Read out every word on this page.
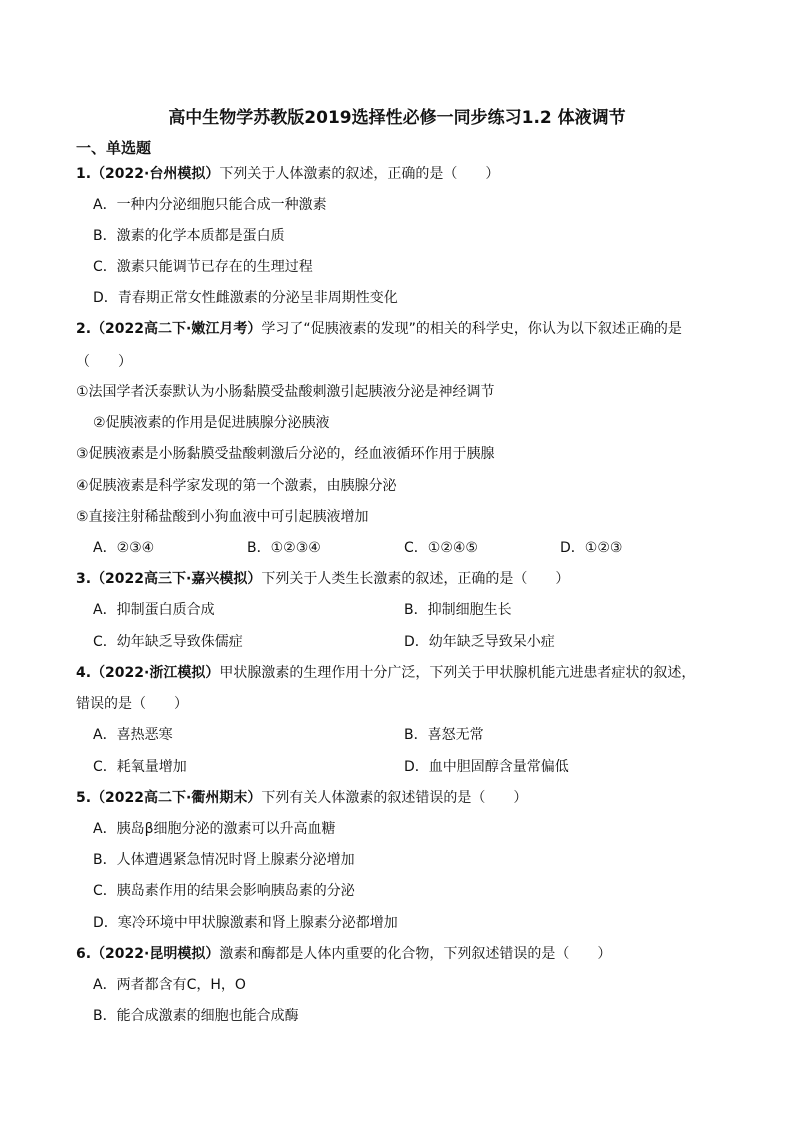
高中生物学苏教版2019选择性必修一同步练习1.2 体液调节
一、单选题
1.（2022·台州模拟）下列关于人体激素的叙述，正确的是（　　）
A．一种内分泌细胞只能合成一种激素
B．激素的化学本质都是蛋白质
C．激素只能调节已存在的生理过程
D．青春期正常女性雌激素的分泌呈非周期性变化
2.（2022高二下·嫩江月考）学习了“促胰液素的发现”的相关的科学史，你认为以下叙述正确的是
（　　）
①法国学者沃泰默认为小肠黏膜受盐酸刺激引起胰液分泌是神经调节
②促胰液素的作用是促进胰腺分泌胰液
③促胰液素是小肠黏膜受盐酸刺激后分泌的，经血液循环作用于胰腺
④促胰液素是科学家发现的第一个激素，由胰腺分泌
⑤直接注射稀盐酸到小狗血液中可引起胰液增加
A．②③④	B．①②③④	C．①②④⑤	D．①②③
3.（2022高三下·嘉兴模拟）下列关于人类生长激素的叙述，正确的是（　　）
A．抑制蛋白质合成	B．抑制细胞生长
C．幼年缺乏导致侏儒症	D．幼年缺乏导致呆小症
4.（2022·浙江模拟）甲状腺激素的生理作用十分广泛，下列关于甲状腺机能亢进患者症状的叙述，
错误的是（　　）
A．喜热恶寒	B．喜怒无常
C．耗氧量增加	D．血中胆固醇含量常偏低
5.（2022高二下·衢州期末）下列有关人体激素的叙述错误的是（　　）
A．胰岛β细胞分泌的激素可以升高血糖
B．人体遭遇紧急情况时肾上腺素分泌增加
C．胰岛素作用的结果会影响胰岛素的分泌
D．寒冷环境中甲状腺激素和肾上腺素分泌都增加
6.（2022·昆明模拟）激素和酶都是人体内重要的化合物，下列叙述错误的是（　　）
A．两者都含有C，H，O
B．能合成激素的细胞也能合成酶
